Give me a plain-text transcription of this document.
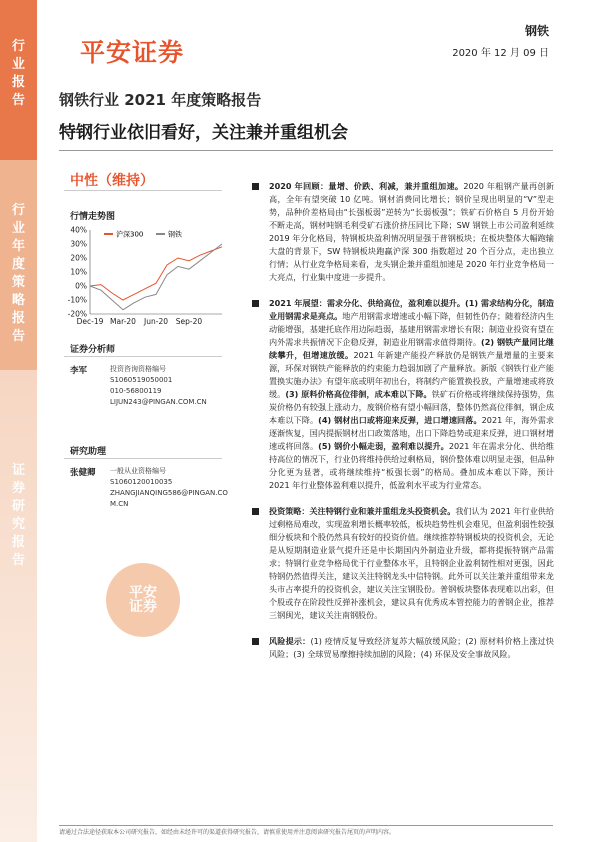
行业报告
行业年度策略报告
证券研究报告
平安证券
钢铁
2020 年 12 月 09 日
钢铁行业 2021 年度策略报告
特钢行业依旧看好，关注兼并重组机会
中性（维持）
行情走势图
40%
30%
20%
10%
0%
-10%
-20%
Dec-19 Mar-20 Jun-20 Sep-20
沪深300	钢铁
证券分析师
李军	投资咨询资格编号
S1060519050001
010-56800119
LIJUN243@PINGAN.COM.CN
研究助理
张健卿 一般从业资格编号
S1060120010035
ZHANGJIANQING586@PINGAN.CO
M.CN
平安
证券
2020 年回顾：量增、价跌、利减，兼并重组加速。2020 年粗钢产量再创新高，全年有望突破 10 亿吨。钢材消费同比增长；钢价呈现出明显的“V”型走势，品种价差格局由“长强板弱”逆转为“长弱板强”；铁矿石价格自 5 月份开始不断走高，钢材吨钢毛利受矿石涨价挤压同比下降；SW 钢铁上市公司盈利延续 2019 年分化格局，特钢板块盈利情况明显强于普钢板块；在板块整体大幅跑输大盘的背景下，SW 特钢板块跑赢沪深 300 指数超过 20 个百分点，走出独立行情；从行业竞争格局来看，龙头钢企兼并重组加速是 2020 年行业竞争格局一大亮点，行业集中度进一步提升。
2021 年展望：需求分化、供给高位，盈利难以提升。(1) 需求结构分化，制造业用钢需求是亮点。地产用钢需求增速或小幅下降，但韧性仍存；随着经济内生动能增强，基建托底作用边际趋弱，基建用钢需求增长有限；制造业投资有望在内外需求共振情况下企稳反弹，制造业用钢需求值得期待。(2) 钢铁产量同比继续攀升，但增速放缓。2021 年新建产能投产释放仍是钢铁产量增量的主要来源，环保对钢铁产能释放的约束能力趋弱加剧了产量释放。新版《钢铁行业产能置换实施办法》有望年底或明年初出台，将制约产能置换投放，产量增速或将放缓。(3) 原料价格高位徘徊，成本难以下降。铁矿石价格或将继续保持强势，焦炭价格仍有较强上涨动力，废钢价格有望小幅回落，整体仍然高位徘徊，钢企成本难以下降。(4) 钢材出口或将迎来反弹，进口增速回落。2021 年，海外需求逐渐恢复，国内提振钢材出口政策落地，出口下降趋势或迎来反弹，进口钢材增速或将回落。(5) 钢价小幅走弱，盈利难以提升。2021 年在需求分化、供给维持高位的情况下，行业仍将维持供给过剩格局，钢价整体难以明显走强，但品种分化更为显著，或将继续维持“板强长弱”的格局。叠加成本难以下降，预计 2021 年行业整体盈利难以提升，低盈利水平或为行业常态。
投资策略：关注特钢行业和兼并重组龙头投资机会。我们认为 2021 年行业供给过剩格局难改，实现盈利增长概率较低，板块趋势性机会难见，但盈利弱性较强细分板块和个股仍然具有较好的投资价值。继续推荐特钢板块的投资机会，无论是从短期制造业景气提升还是中长期国内外制造业升级，都将提振特钢产品需求；特钢行业竞争格局优于行业整体水平，且特钢企业盈利韧性相对更强，因此特钢仍然值得关注，建议关注特钢龙头中信特钢。此外可以关注兼并重组带来龙头市占率提升的投资机会，建议关注宝钢股份。普钢板块整体表现难以出彩，但个股或存在阶段性反弹补涨机会，建议具有优秀成本管控能力的普钢企业，推荐三钢闽光，建议关注南钢股份。
风险提示：(1) 疫情反复导致经济复苏大幅放缓风险；(2) 原材料价格上涨过快风险；(3) 全球贸易摩擦持续加剧的风险；(4) 环保及安全事故风险。
请通过合法途径获取本公司研究报告，如经由未经许可的渠道获得研究报告，请慎重使用并注意阅读研究报告尾页的声明内容。
